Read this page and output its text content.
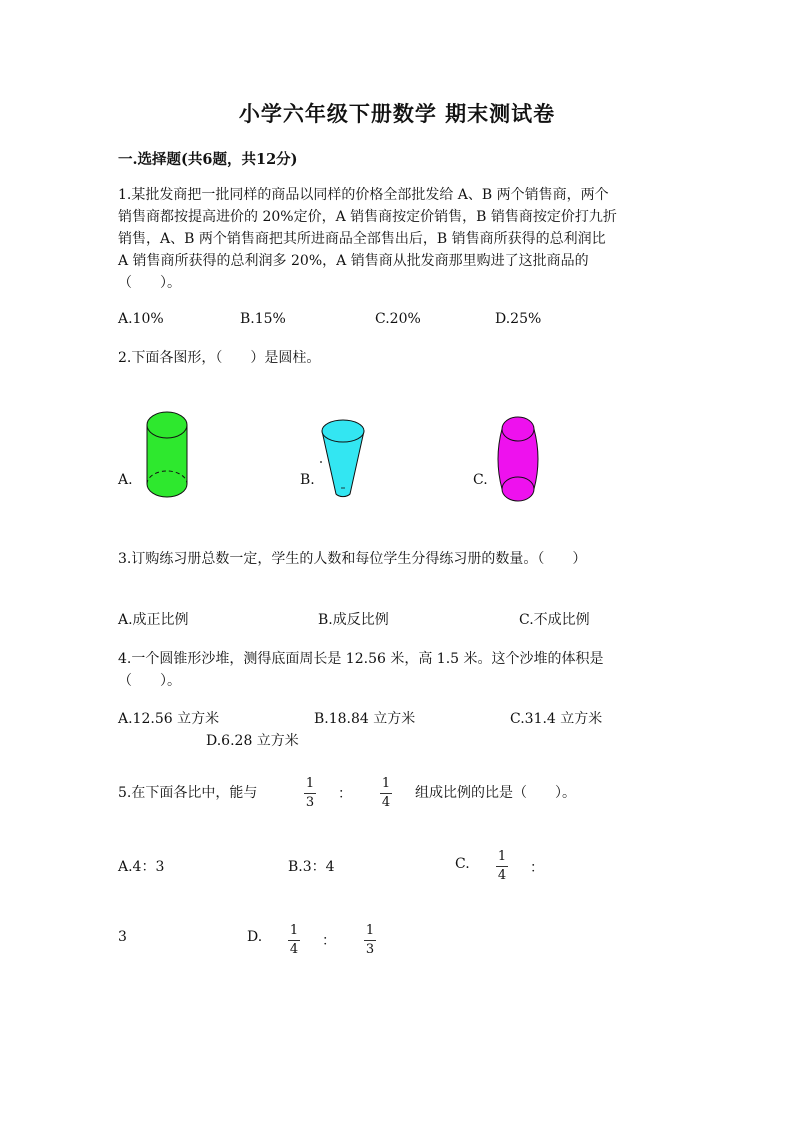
小学六年级下册数学 期末测试卷
一.选择题(共6题，共12分)
1.某批发商把一批同样的商品以同样的价格全部批发给 A、B 两个销售商，两个
销售商都按提高进价的 20%定价，A 销售商按定价销售，B 销售商按定价打九折
销售，A、B 两个销售商把其所进商品全部售出后，B 销售商所获得的总利润比
A 销售商所获得的总利润多 20%，A 销售商从批发商那里购进了这批商品的
（　　）。
A.10%	B.15%	C.20%	D.25%
2.下面各图形，（　　）是圆柱。
A.	B.	C.
3.订购练习册总数一定，学生的人数和每位学生分得练习册的数量。（　　）
A.成正比例	B.成反比例	C.不成比例
4.一个圆锥形沙堆，测得底面周长是 12.56 米，高 1.5 米。这个沙堆的体积是
（　　）。
A.12.56 立方米	B.18.84 立方米	C.31.4 立方米
D.6.28 立方米
5.在下面各比中，能与
1
3
：
1
4
组成比例的比是（　　）。
A.4：3	B.3：4	C. 1
4 ：
3	D. 1
4
：
1
3
